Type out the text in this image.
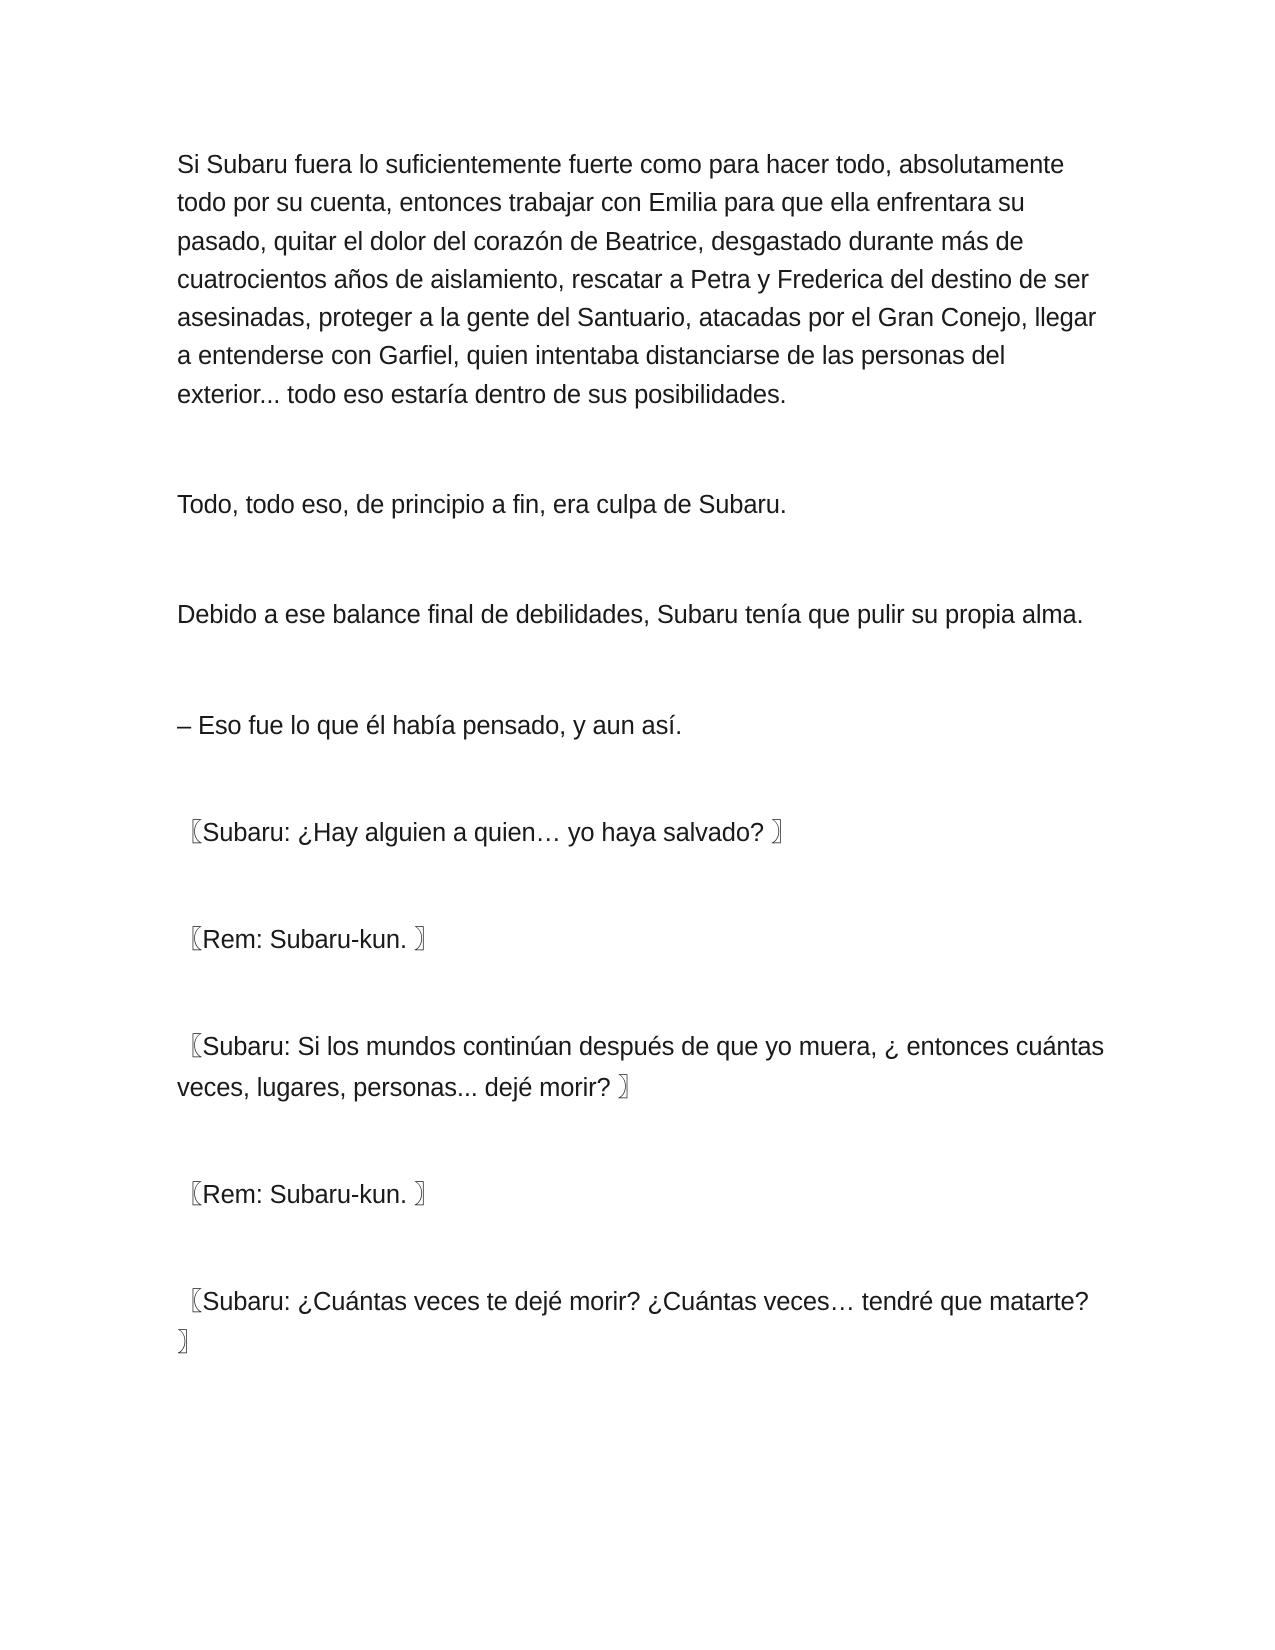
Si Subaru fuera lo suficientemente fuerte como para hacer todo, absolutamente todo por su cuenta, entonces trabajar con Emilia para que ella enfrentara su pasado, quitar el dolor del corazón de Beatrice, desgastado durante más de cuatrocientos años de aislamiento, rescatar a Petra y Frederica del destino de ser asesinadas, proteger a la gente del Santuario, atacadas por el Gran Conejo, llegar a entenderse con Garfiel, quien intentaba distanciarse de las personas del exterior... todo eso estaría dentro de sus posibilidades.

Todo, todo eso, de principio a fin, era culpa de Subaru.

Debido a ese balance final de debilidades, Subaru tenía que pulir su propia alma.

– Eso fue lo que él había pensado, y aun así.

〖Subaru: ¿Hay alguien a quien… yo haya salvado? 〗

〖Rem: Subaru-kun. 〗

〖Subaru: Si los mundos continúan después de que yo muera, ¿ entonces cuántas veces, lugares, personas... dejé morir? 〗

〖Rem: Subaru-kun. 〗

〖Subaru: ¿Cuántas veces te dejé morir? ¿Cuántas veces… tendré que matarte? 〗
